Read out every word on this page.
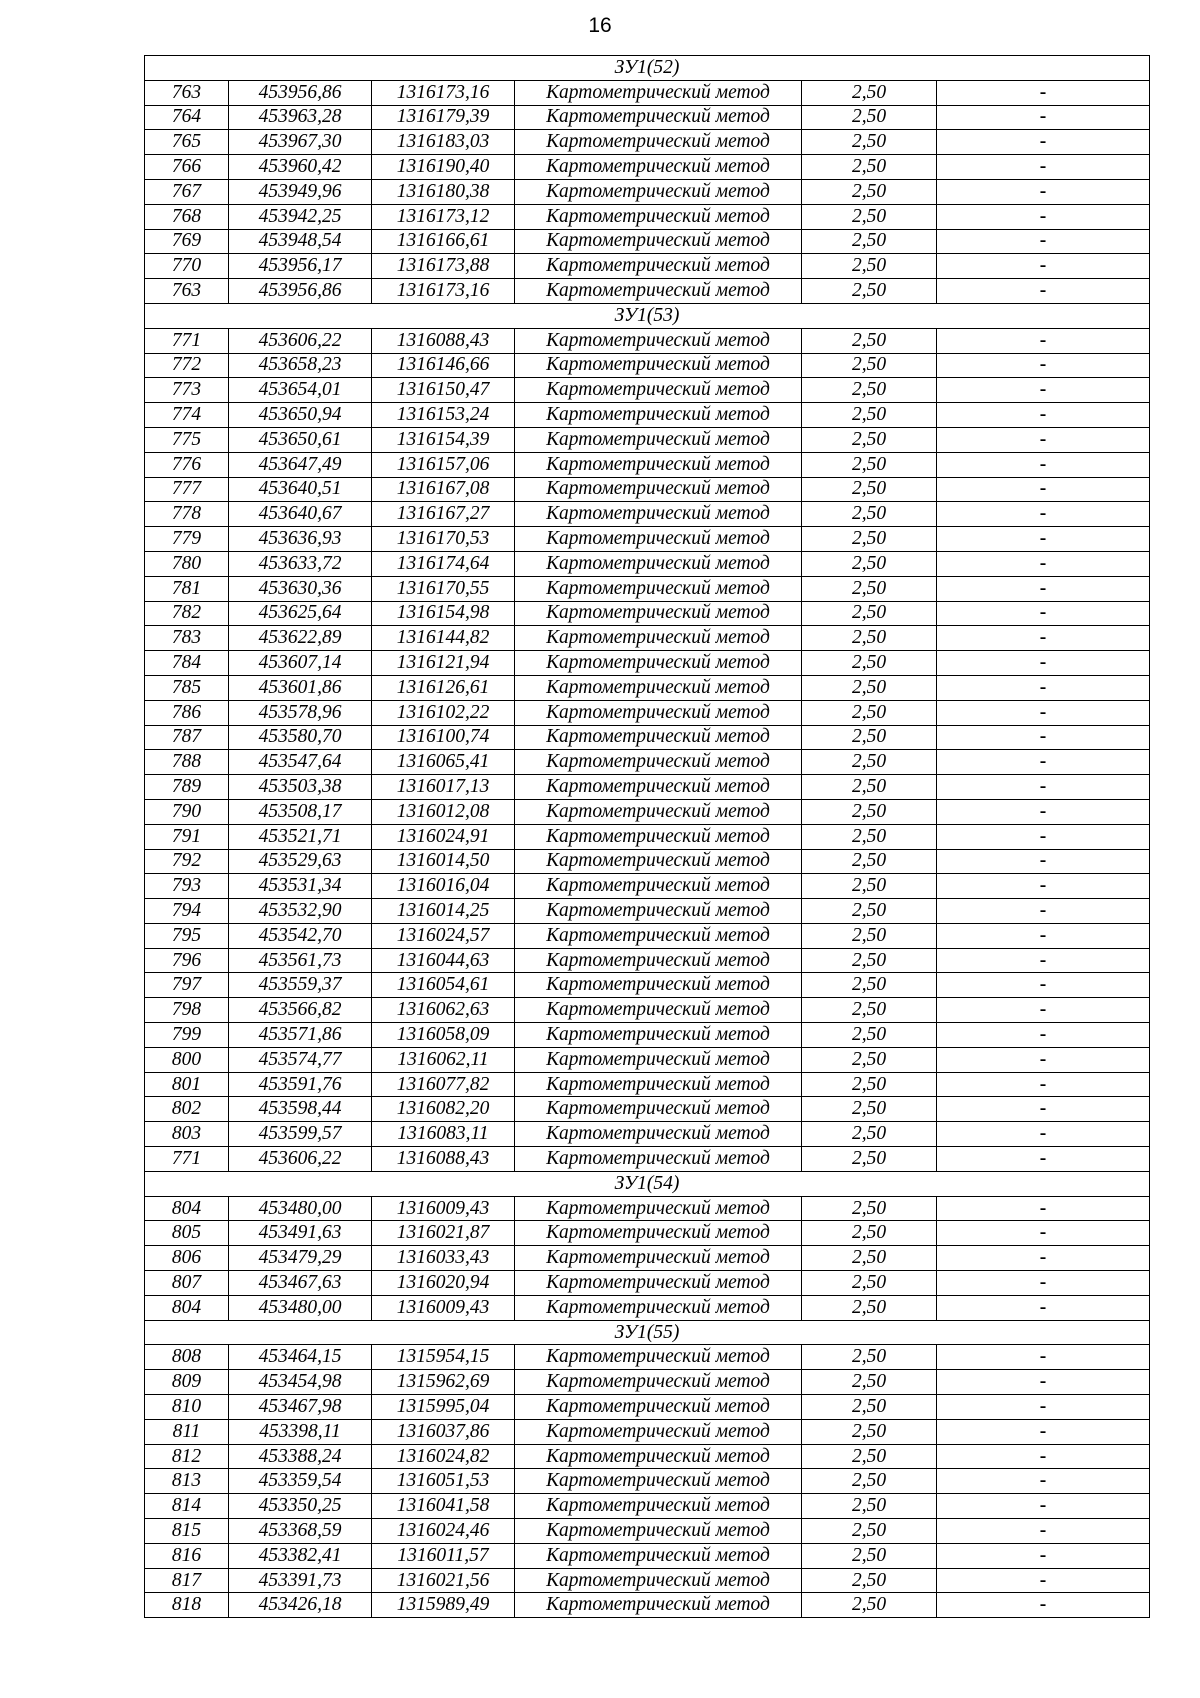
16
ЗУ1(52)					
763	453956,86	1316173,16	Картометрический метод	2,50	-
764	453963,28	1316179,39	Картометрический метод	2,50	-
765	453967,30	1316183,03	Картометрический метод	2,50	-
766	453960,42	1316190,40	Картометрический метод	2,50	-
767	453949,96	1316180,38	Картометрический метод	2,50	-
768	453942,25	1316173,12	Картометрический метод	2,50	-
769	453948,54	1316166,61	Картометрический метод	2,50	-
770	453956,17	1316173,88	Картометрический метод	2,50	-
763	453956,86	1316173,16	Картометрический метод	2,50	-
ЗУ1(53)					
771	453606,22	1316088,43	Картометрический метод	2,50	-
772	453658,23	1316146,66	Картометрический метод	2,50	-
773	453654,01	1316150,47	Картометрический метод	2,50	-
774	453650,94	1316153,24	Картометрический метод	2,50	-
775	453650,61	1316154,39	Картометрический метод	2,50	-
776	453647,49	1316157,06	Картометрический метод	2,50	-
777	453640,51	1316167,08	Картометрический метод	2,50	-
778	453640,67	1316167,27	Картометрический метод	2,50	-
779	453636,93	1316170,53	Картометрический метод	2,50	-
780	453633,72	1316174,64	Картометрический метод	2,50	-
781	453630,36	1316170,55	Картометрический метод	2,50	-
782	453625,64	1316154,98	Картометрический метод	2,50	-
783	453622,89	1316144,82	Картометрический метод	2,50	-
784	453607,14	1316121,94	Картометрический метод	2,50	-
785	453601,86	1316126,61	Картометрический метод	2,50	-
786	453578,96	1316102,22	Картометрический метод	2,50	-
787	453580,70	1316100,74	Картометрический метод	2,50	-
788	453547,64	1316065,41	Картометрический метод	2,50	-
789	453503,38	1316017,13	Картометрический метод	2,50	-
790	453508,17	1316012,08	Картометрический метод	2,50	-
791	453521,71	1316024,91	Картометрический метод	2,50	-
792	453529,63	1316014,50	Картометрический метод	2,50	-
793	453531,34	1316016,04	Картометрический метод	2,50	-
794	453532,90	1316014,25	Картометрический метод	2,50	-
795	453542,70	1316024,57	Картометрический метод	2,50	-
796	453561,73	1316044,63	Картометрический метод	2,50	-
797	453559,37	1316054,61	Картометрический метод	2,50	-
798	453566,82	1316062,63	Картометрический метод	2,50	-
799	453571,86	1316058,09	Картометрический метод	2,50	-
800	453574,77	1316062,11	Картометрический метод	2,50	-
801	453591,76	1316077,82	Картометрический метод	2,50	-
802	453598,44	1316082,20	Картометрический метод	2,50	-
803	453599,57	1316083,11	Картометрический метод	2,50	-
771	453606,22	1316088,43	Картометрический метод	2,50	-
ЗУ1(54)					
804	453480,00	1316009,43	Картометрический метод	2,50	-
805	453491,63	1316021,87	Картометрический метод	2,50	-
806	453479,29	1316033,43	Картометрический метод	2,50	-
807	453467,63	1316020,94	Картометрический метод	2,50	-
804	453480,00	1316009,43	Картометрический метод	2,50	-
ЗУ1(55)					
808	453464,15	1315954,15	Картометрический метод	2,50	-
809	453454,98	1315962,69	Картометрический метод	2,50	-
810	453467,98	1315995,04	Картометрический метод	2,50	-
811	453398,11	1316037,86	Картометрический метод	2,50	-
812	453388,24	1316024,82	Картометрический метод	2,50	-
813	453359,54	1316051,53	Картометрический метод	2,50	-
814	453350,25	1316041,58	Картометрический метод	2,50	-
815	453368,59	1316024,46	Картометрический метод	2,50	-
816	453382,41	1316011,57	Картометрический метод	2,50	-
817	453391,73	1316021,56	Картометрический метод	2,50	-
818	453426,18	1315989,49	Картометрический метод	2,50	-
